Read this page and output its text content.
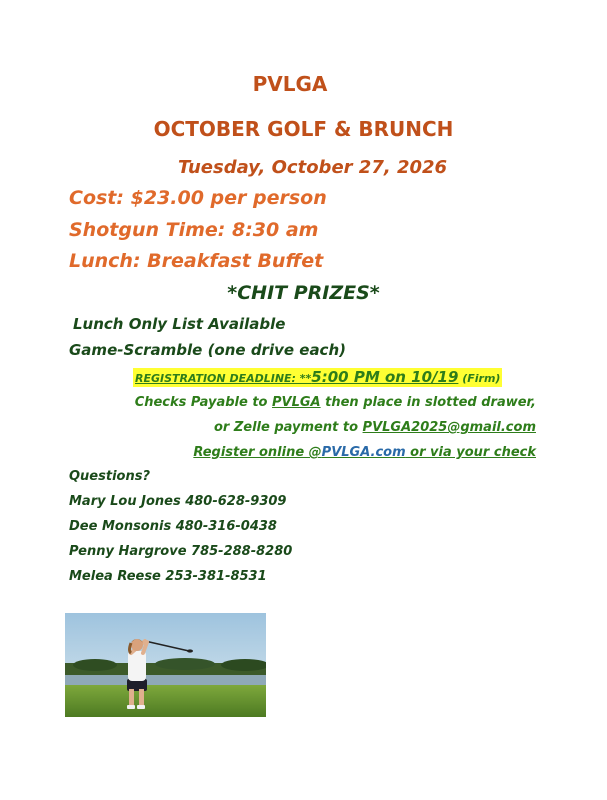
PVLGA

OCTOBER GOLF & BRUNCH

Tuesday, October 27, 2026

Cost: $23.00 per person

Shotgun Time: 8:30 am

Lunch: Breakfast Buffet

*CHIT PRIZES*

Lunch Only List Available

Game-Scramble (one drive each)

REGISTRATION DEADLINE: **5:00 PM on 10/19 (Firm)

Checks Payable to PVLGA then place in slotted drawer,

or Zelle payment to PVLGA2025@gmail.com

Register online @PVLGA.com or via your check

Questions?

Mary Lou Jones 480-628-9309

Dee Monsonis 480-316-0438

Penny Hargrove 785-288-8280

Melea Reese 253-381-8531
